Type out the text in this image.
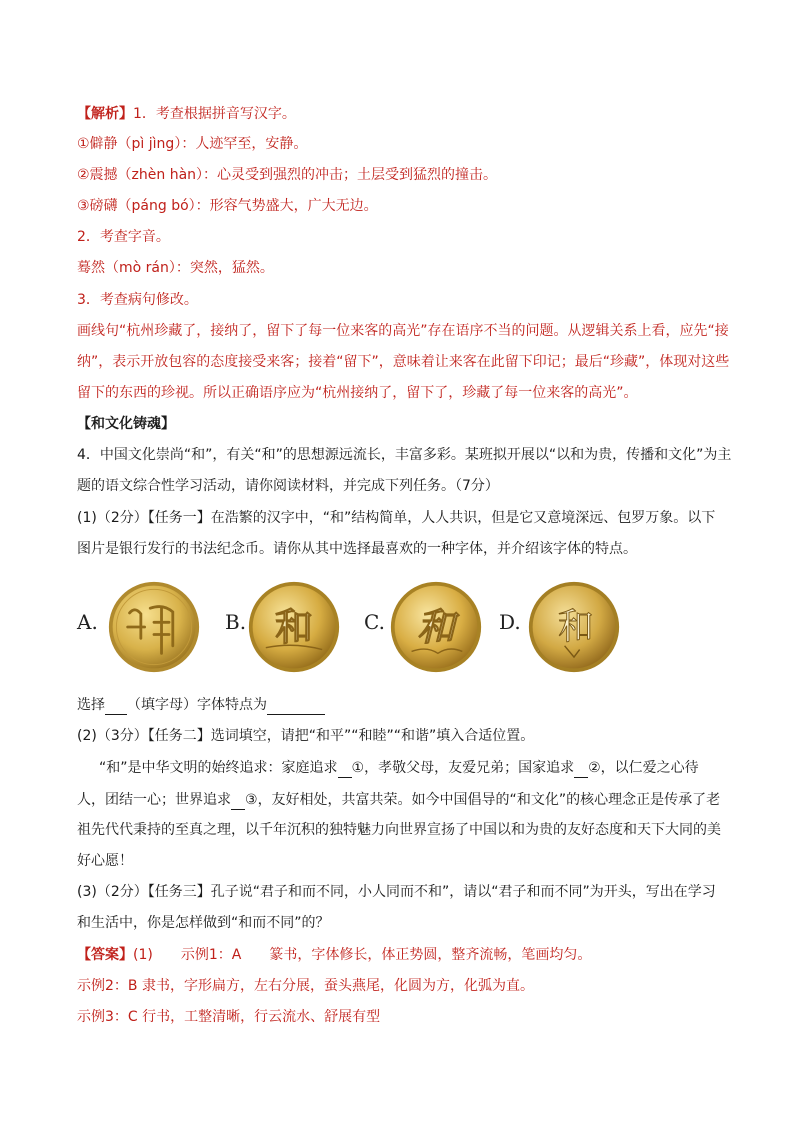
【解析】1．考查根据拼音写汉字。
①僻静（pì jìng）：人迹罕至，安静。
②震撼（zhèn hàn）：心灵受到强烈的冲击；土层受到猛烈的撞击。
③磅礴（páng bó）：形容气势盛大，广大无边。
2．考查字音。
蓦然（mò rán）：突然，猛然。
3．考查病句修改。
画线句“杭州珍藏了，接纳了，留下了每一位来客的高光”存在语序不当的问题。从逻辑关系上看，应先“接
纳”，表示开放包容的态度接受来客；接着“留下”，意味着让来客在此留下印记；最后“珍藏”，体现对这些
留下的东西的珍视。所以正确语序应为“杭州接纳了，留下了，珍藏了每一位来客的高光”。
【和文化铸魂】
4．中国文化崇尚“和”，有关“和”的思想源远流长，丰富多彩。某班拟开展以“以和为贵，传播和文化”为主
题的语文综合性学习活动，请你阅读材料，并完成下列任务。（7分）
(1)（2分）【任务一】在浩繁的汉字中，“和”结构简单，人人共识，但是它又意境深远、包罗万象。以下
图片是银行发行的书法纪念币。请你从其中选择最喜欢的一种字体，并介绍该字体的特点。
A.	B. 和	C. 和 D. 和
选择 （填字母）字体特点为
(2)（3分）【任务二】选词填空，请把“和平”“和睦”“和谐”填入合适位置。
“和”是中华文明的始终追求：家庭追求 ①，孝敬父母，友爱兄弟；国家追求 ②，以仁爱之心待
人，团结一心；世界追求 ③，友好相处，共富共荣。如今中国倡导的“和文化”的核心理念正是传承了老
祖先代代秉持的至真之理，以千年沉积的独特魅力向世界宣扬了中国以和为贵的友好态度和天下大同的美
好心愿！
(3)（2分）【任务三】孔子说“君子和而不同，小人同而不和”，请以“君子和而不同”为开头，写出在学习
和生活中，你是怎样做到“和而不同”的？
【答案】(1) 示例1：A 篆书，字体修长，体正势圆，整齐流畅，笔画均匀。
示例2：B 隶书，字形扁方，左右分展，蚕头燕尾，化圆为方，化弧为直。
示例3：C 行书，工整清晰，行云流水、舒展有型
